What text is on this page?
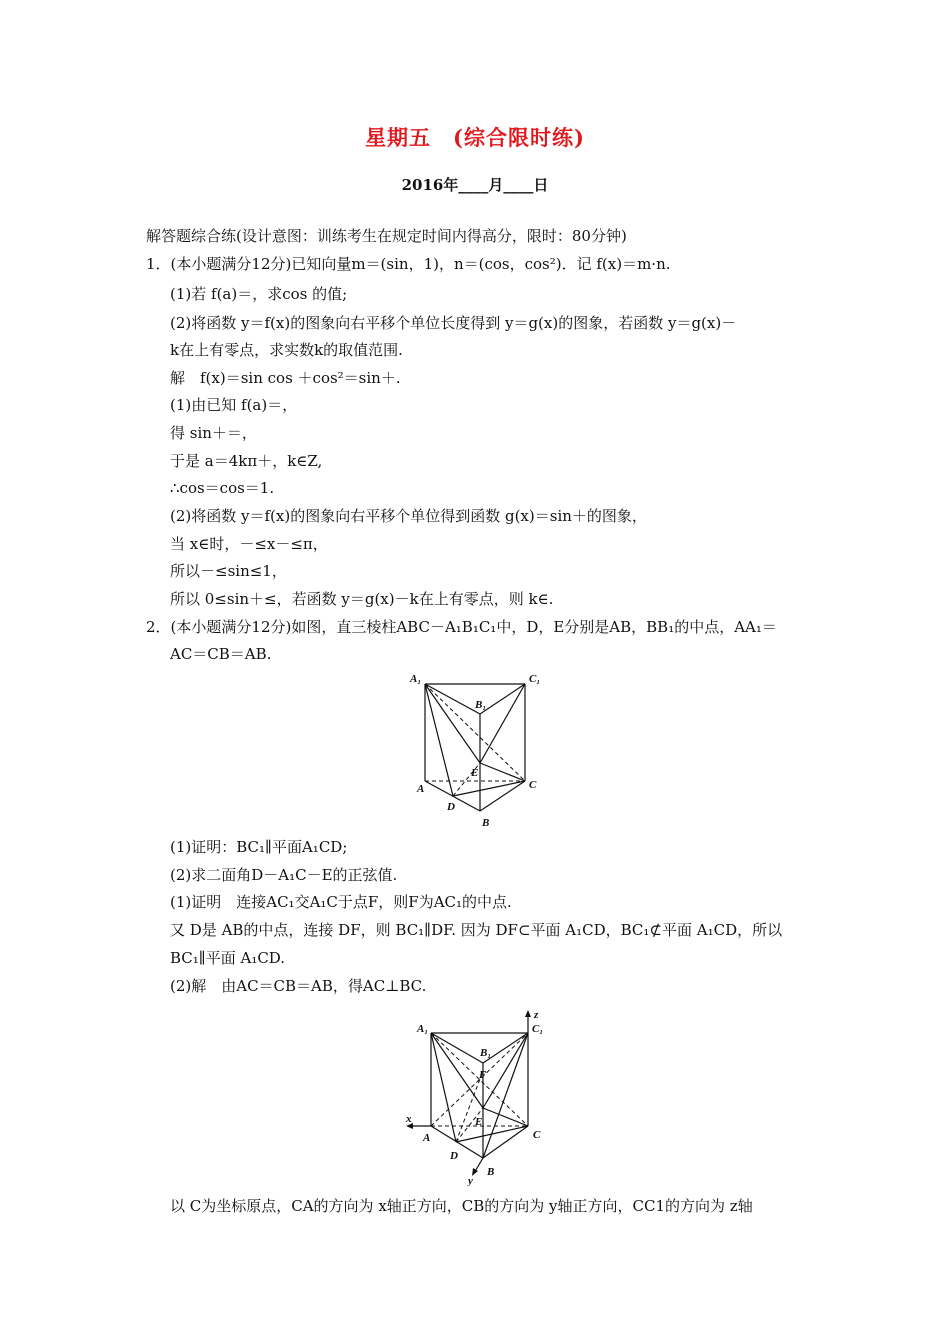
星期五　(综合限时练)
2016年____月____日
解答题综合练(设计意图：训练考生在规定时间内得高分，限时：80分钟)
1．(本小题满分12分)已知向量m＝(sin，1)，n＝(cos，cos²)．记 f(x)＝m·n.
(1)若 f(a)＝，求cos 的值;
(2)将函数 y＝f(x)的图象向右平移个单位长度得到 y＝g(x)的图象，若函数 y＝g(x)－
k在上有零点，求实数k的取值范围.
解　f(x)＝sin cos ＋cos²＝sin＋.
(1)由已知 f(a)＝，
得 sin＋＝，
于是 a＝4kπ＋，k∈Z,
∴cos＝cos＝1.
(2)将函数 y＝f(x)的图象向右平移个单位得到函数 g(x)＝sin＋的图象，
当 x∈时，－≤x－≤π，
所以－≤sin≤1，
所以 0≤sin＋≤，若函数 y＝g(x)－k在上有零点，则 k∈.
2．(本小题满分12分)如图，直三棱柱ABC－A₁B₁C₁中，D，E分别是AB，BB₁的中点，AA₁＝
AC＝CB＝AB.
A₁
B₁
C₁
E
A
D
C
B
(1)证明：BC₁∥平面A₁CD;
(2)求二面角D－A₁C－E的正弦值.
(1)证明　连接AC₁交A₁C于点F，则F为AC₁的中点.
又 D是 AB的中点，连接 DF，则 BC₁∥DF. 因为 DF⊂平面 A₁CD，BC₁⊄平面 A₁CD，所以
BC₁∥平面 A₁CD.
(2)解　由AC＝CB＝AB，得AC⊥BC.
A₁
B₁
C₁
F
E
A
D
C
B
x
y
z
以 C为坐标原点，CA的方向为 x轴正方向，CB的方向为 y轴正方向，CC1的方向为 z轴
